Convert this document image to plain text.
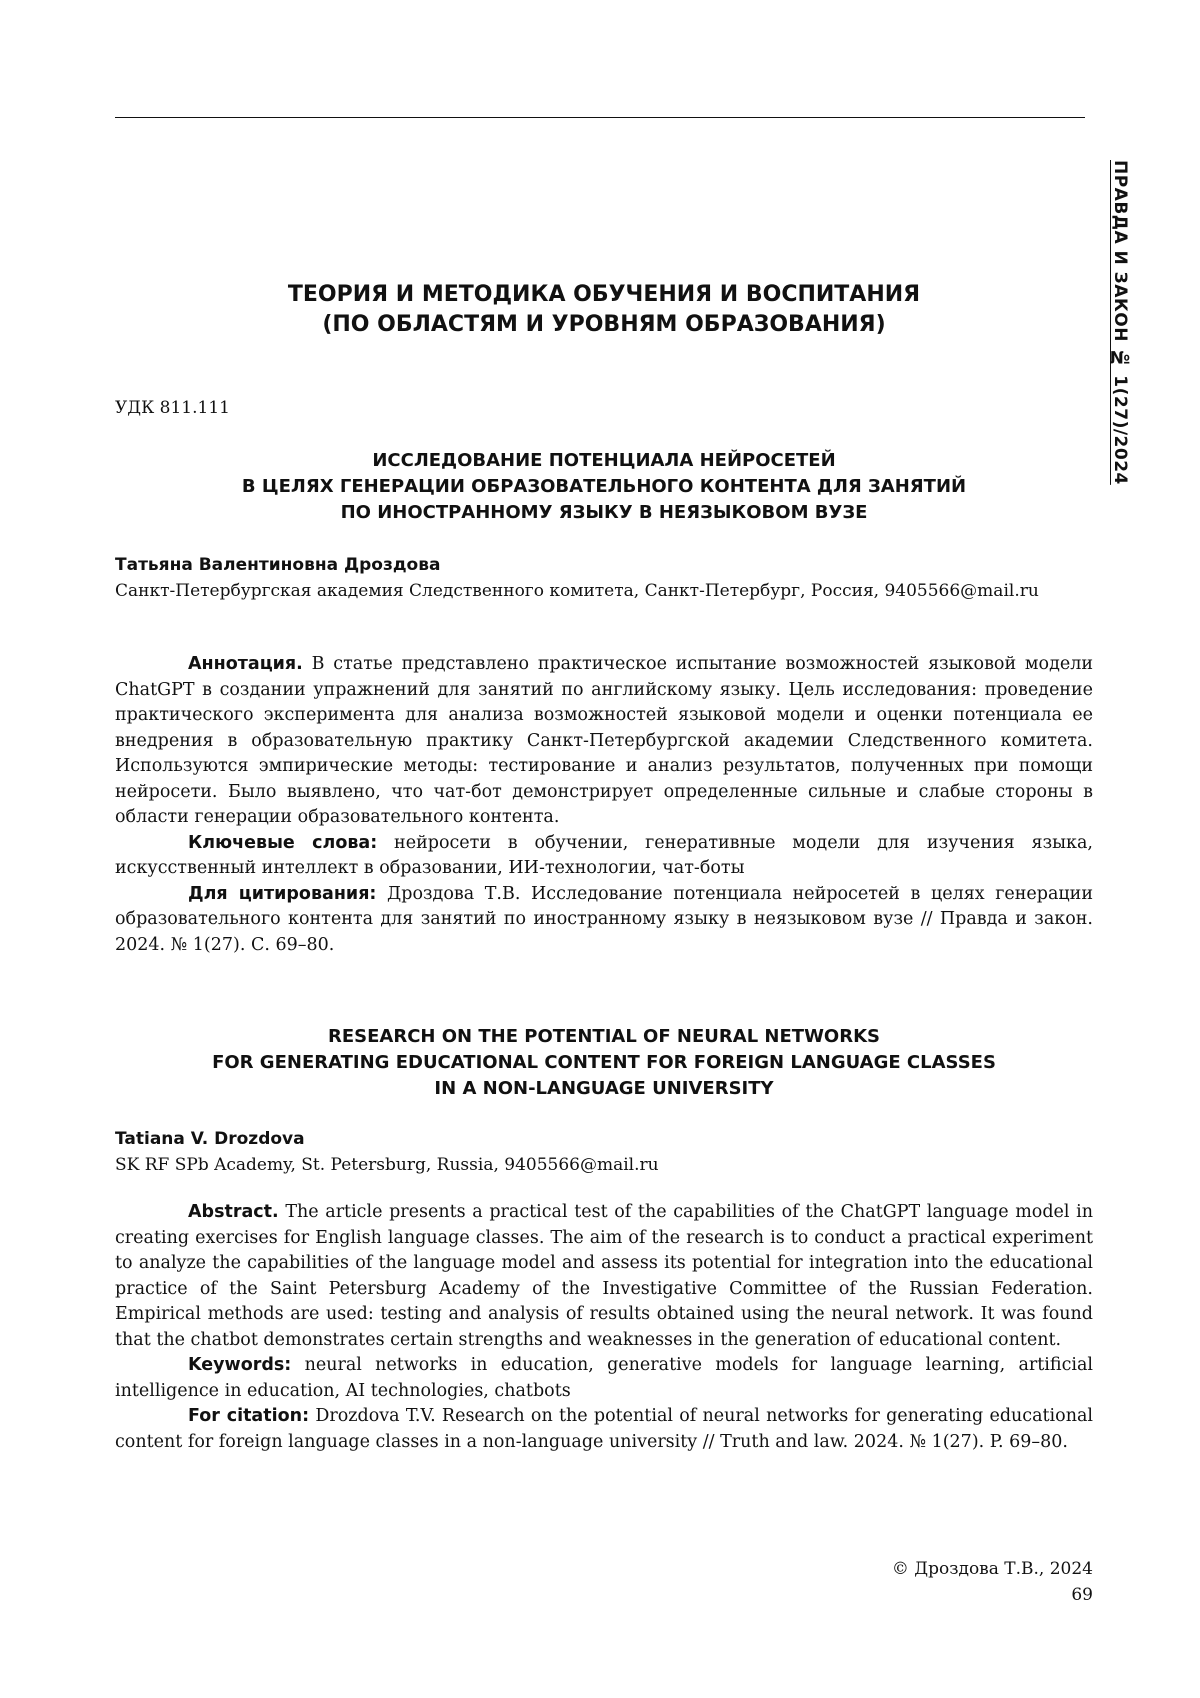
ПРАВДА И ЗАКОН № 1(27)/2024
ТЕОРИЯ И МЕТОДИКА ОБУЧЕНИЯ И ВОСПИТАНИЯ
(ПО ОБЛАСТЯМ И УРОВНЯМ ОБРАЗОВАНИЯ)
УДК 811.111
ИССЛЕДОВАНИЕ ПОТЕНЦИАЛА НЕЙРОСЕТЕЙ
В ЦЕЛЯХ ГЕНЕРАЦИИ ОБРАЗОВАТЕЛЬНОГО КОНТЕНТА ДЛЯ ЗАНЯТИЙ
ПО ИНОСТРАННОМУ ЯЗЫКУ В НЕЯЗЫКОВОМ ВУЗЕ
Татьяна Валентиновна Дроздова
Санкт-Петербургская академия Следственного комитета, Санкт-Петербург, Россия, 9405566@mail.ru

Аннотация. В статье представлено практическое испытание возможностей языковой модели ChatGPT в создании упражнений для занятий по английскому языку. Цель исследования: проведение практического эксперимента для анализа возможностей языковой модели и оценки потенциала ее внедрения в образовательную практику Санкт-Петербургской академии Следственного комитета. Используются эмпирические методы: тестирование и анализ результатов, полученных при помощи нейросети. Было выявлено, что чат-бот демонстрирует определенные сильные и слабые стороны в области генерации образовательного контента.

Ключевые слова: нейросети в обучении, генеративные модели для изучения языка, искусственный интеллект в образовании, ИИ-технологии, чат-боты

Для цитирования: Дроздова Т.В. Исследование потенциала нейросетей в целях генерации образовательного контента для занятий по иностранному языку в неязыковом вузе // Правда и закон. 2024. № 1(27). С. 69–80.

RESEARCH ON THE POTENTIAL OF NEURAL NETWORKS
FOR GENERATING EDUCATIONAL CONTENT FOR FOREIGN LANGUAGE CLASSES
IN A NON-LANGUAGE UNIVERSITY
Tatiana V. Drozdova
SK RF SPb Academy, St. Petersburg, Russia, 9405566@mail.ru

Abstract. The article presents a practical test of the capabilities of the ChatGPT language model in creating exercises for English language classes. The aim of the research is to conduct a practical experiment to analyze the capabilities of the language model and assess its potential for integration into the educational practice of the Saint Petersburg Academy of the Investigative Committee of the Russian Federation. Empirical methods are used: testing and analysis of results obtained using the neural network. It was found that the chatbot demonstrates certain strengths and weaknesses in the generation of educational content.

Keywords: neural networks in education, generative models for language learning, artificial intelligence in education, AI technologies, chatbots

For citation: Drozdova T.V. Research on the potential of neural networks for generating educational content for foreign language classes in a non-language university // Truth and law. 2024. № 1(27). P. 69–80.

© Дроздова Т.В., 2024
69
